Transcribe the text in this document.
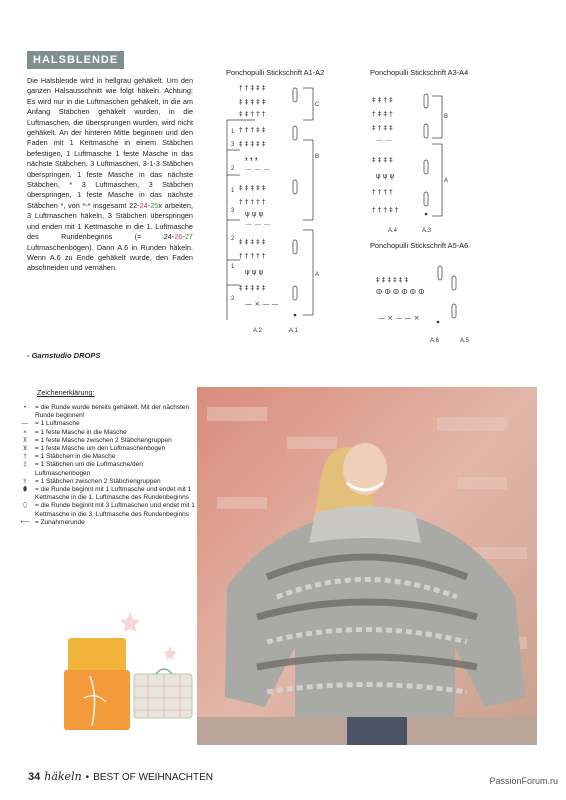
HALSBLENDE
Die Halsblende wird in hellgrau gehäkelt. Um den ganzen Halsausschnitt wie folgt häkeln. Achtung: Es wird nur in die Luftmaschen gehäkelt, in die am Anfang Stäbchen gehäkelt wurden, in die Luftmaschen, die übersprungen wurden, wird nicht gehäkelt. An der hinteren Mitte beginnen und den Faden mit 1 Kettmasche in einem Stäbchen befestigen, 1 Luftmasche 1 feste Masche in das nächste Stäbchen, 3 Luftmaschen, 3-1-3 Stäbchen überspringen, 1 feste Masche in das nächste Stäbchen, * 3 Luftmaschen, 3 Stäbchen überspringen, 1 feste Masche in das nächste Stäbchen *, von *-* insgesamt 22-24-25x arbeiten, 3 Luftmaschen häkeln, 3 Stäbchen überspringen und enden mit 1 Kettmasche in die 1. Luftmasche des Rundenbeginns (= 24-26-27 Luftmaschenbögen). Dann A.6 in Runden häkeln. Wenn A.6 zu Ende gehäkelt wurde, den Faden abschneiden und vernähen.
- Garnstudio DROPS
Ponchopulli Stickschrift A1-A2	Ponchopulli Stickschrift A3-A4
Ponchopulli Stickschrift A5-A6
† † ‡ ‡ ‡
‡ ‡ ‡ ‡ ‡
‡ ‡ † † †
† † † ‡ ‡
‡ ‡ ‡ ‡ ‡
ᵜ ᵜ ᵜ
⌒ ⌒ ⌒
‡ ‡ ‡ ‡ ‡
† † † † †
ψ ψ ψ
⌒ ⌒ ⌒
‡ ‡ ‡ ‡ ‡
† † † † †
ψ ψ ψ
‡ ‡ ‡ ‡ ‡
— × — —
1
3
2
1
3
2
1
2
C
B
A
A.2	A.1
‡ ‡ † ‡
† ‡ ‡ †
‡ † ‡ ‡
⌒ ⌒
‡ ‡ ‡ ‡
ψ ψ ψ
† † † †
† † † ‡ †
B
A
A.4	A.3
‡ ‡ ‡ ‡ ‡ ‡
ⵀ ⵀ ⵀ ⵀ ⵀ ⵀ
— × — — ×
A.6	A.5
Zeichenerklärung:
•	= die Runde wurde bereits gehäkelt. Mit der nächsten Runde beginnen!
—	= 1 Luftmasche
×	= 1 feste Masche in die Masche
⊼	= 1 feste Masche zwischen 2 Stäbchengruppen
⊻	= 1 feste Masche um den Luftmaschenbogen
†	= 1 Stäbchen in die Masche
‡	= 1 Stäbchen um die Luftmasche/den Luftmaschenbogen
⫯	= 1 Stäbchen zwischen 2 Stäbchengruppen
⬮	= die Runde beginnt mit 1 Luftmasche und endet mit 1 Kettmasche in die 1. Luftmasche des Rundenbeginns
⬯	= die Runde beginnt mit 3 Luftmaschen und endet mit 1 Kettmasche in die 3. Luftmasche des Rundenbeginns
⟵ = Zunahmerunde
34 häkeln • BEST OF WEIHNACHTEN	PassionForum.ru
